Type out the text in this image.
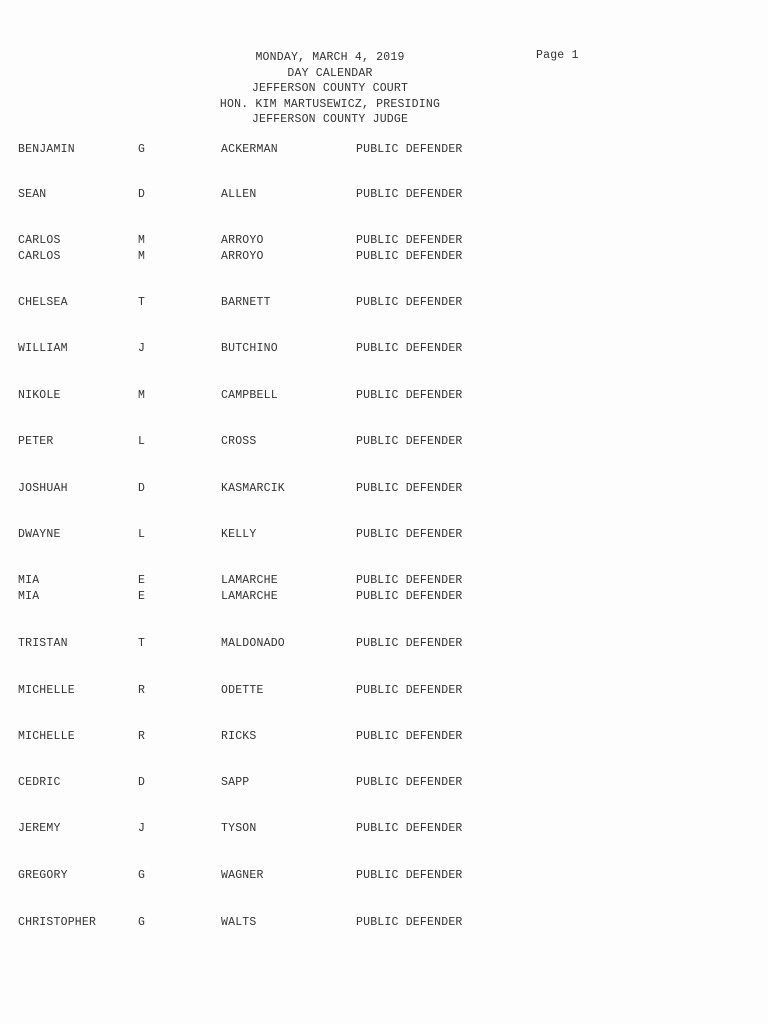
MONDAY, MARCH 4, 2019
DAY CALENDAR
JEFFERSON COUNTY COURT
HON. KIM MARTUSEWICZ, PRESIDING
JEFFERSON COUNTY JUDGE
Page 1
BENJAMIN	G	ACKERMAN	PUBLIC DEFENDER
SEAN	D	ALLEN	PUBLIC DEFENDER
CARLOS	M	ARROYO	PUBLIC DEFENDER
CARLOS	M	ARROYO	PUBLIC DEFENDER
CHELSEA	T	BARNETT	PUBLIC DEFENDER
WILLIAM	J	BUTCHINO	PUBLIC DEFENDER
NIKOLE	M	CAMPBELL	PUBLIC DEFENDER
PETER	L	CROSS	PUBLIC DEFENDER
JOSHUAH	D	KASMARCIK	PUBLIC DEFENDER
DWAYNE	L	KELLY	PUBLIC DEFENDER
MIA	E	LAMARCHE	PUBLIC DEFENDER
MIA	E	LAMARCHE	PUBLIC DEFENDER
TRISTAN	T	MALDONADO	PUBLIC DEFENDER
MICHELLE	R	ODETTE	PUBLIC DEFENDER
MICHELLE	R	RICKS	PUBLIC DEFENDER
CEDRIC	D	SAPP	PUBLIC DEFENDER
JEREMY	J	TYSON	PUBLIC DEFENDER
GREGORY	G	WAGNER	PUBLIC DEFENDER
CHRISTOPHER	G	WALTS	PUBLIC DEFENDER
